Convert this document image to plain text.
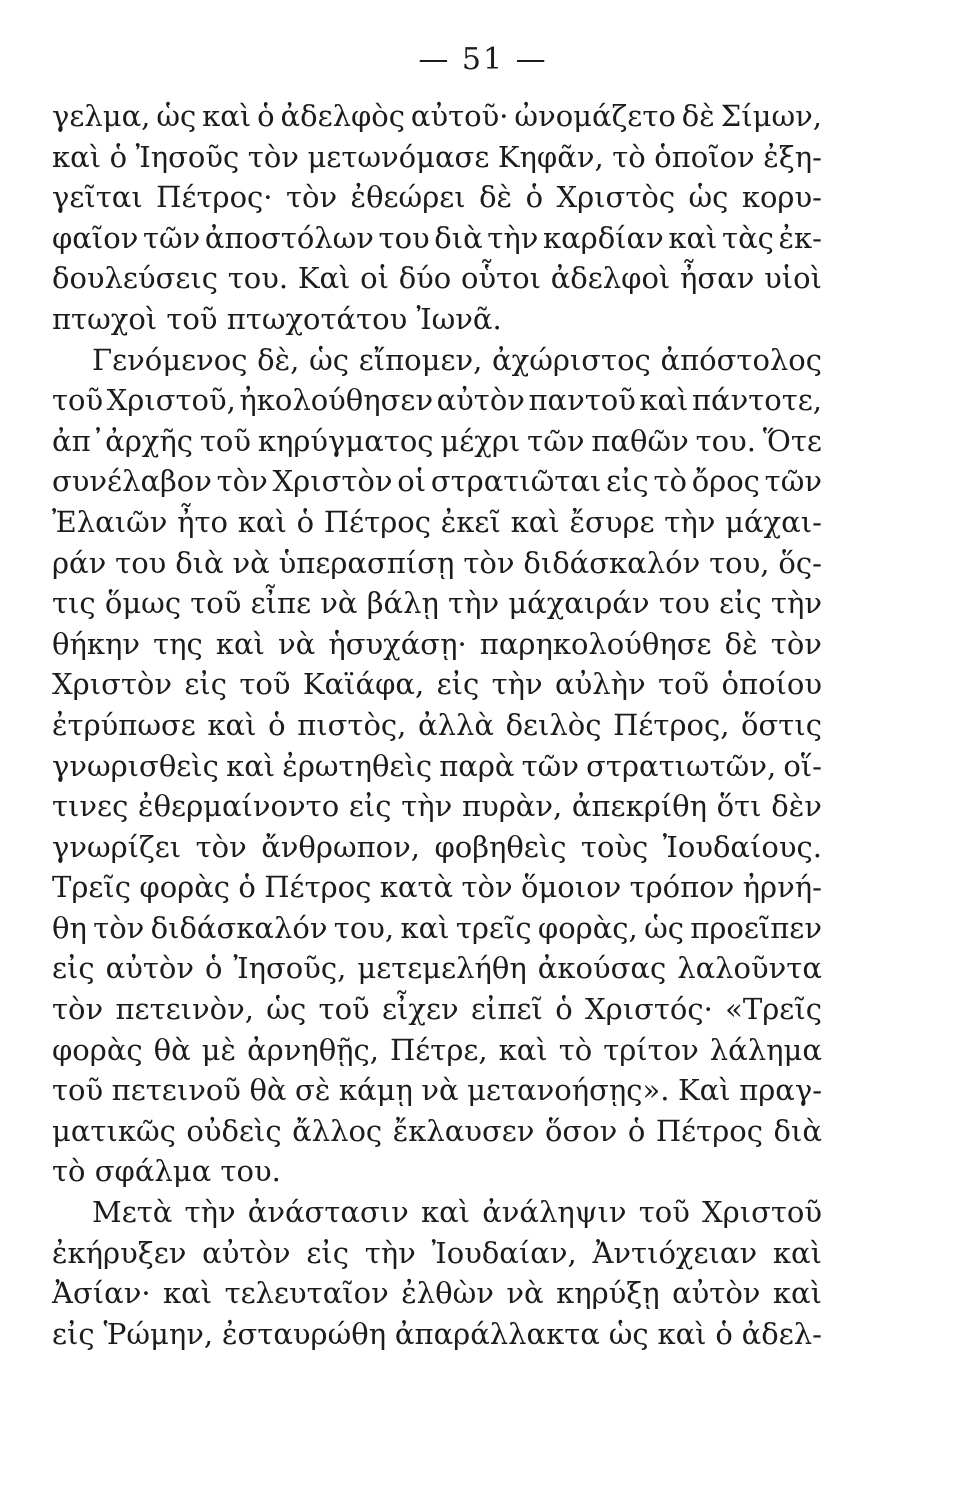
— 51 —
γελμα, ὡς καὶ ὁ ἀδελφὸς αὐτοῦ· ὠνομάζετο δὲ Σίμων,
καὶ ὁ Ἰησοῦς τὸν μετωνόμασε Κηφᾶν, τὸ ὁποῖον ἐξη-
γεῖται Πέτρος· τὸν ἐθεώρει δὲ ὁ Χριστὸς ὡς κορυ-
φαῖον τῶν ἀποστόλων του διὰ τὴν καρδίαν καὶ τὰς ἐκ-
δουλεύσεις του. Καὶ οἱ δύο οὗτοι ἀδελφοὶ ἦσαν υἱοὶ
πτωχοὶ τοῦ πτωχοτάτου Ἰωνᾶ.
Γενόμενος δὲ, ὡς εἴπομεν, ἀχώριστος ἀπόστολος
τοῦ Χριστοῦ, ἠκολούθησεν αὐτὸν παντοῦ καὶ πάντοτε,
ἀπ᾽ἀρχῆς τοῦ κηρύγματος μέχρι τῶν παθῶν του. Ὅτε
συνέλαβον τὸν Χριστὸν οἱ στρατιῶται εἰς τὸ ὄρος τῶν
Ἐλαιῶν ἦτο καὶ ὁ Πέτρος ἐκεῖ καὶ ἔσυρε τὴν μάχαι-
ράν του διὰ νὰ ὑπερασπίσῃ τὸν διδάσκαλόν του, ὅς-
τις ὅμως τοῦ εἶπε νὰ βάλῃ τὴν μάχαιράν του εἰς τὴν
θήκην της καὶ νὰ ἡσυχάσῃ· παρηκολούθησε δὲ τὸν
Χριστὸν εἰς τοῦ Καϊάφα, εἰς τὴν αὐλὴν τοῦ ὁποίου
ἐτρύπωσε καὶ ὁ πιστὸς, ἀλλὰ δειλὸς Πέτρος, ὅστις
γνωρισθεὶς καὶ ἐρωτηθεὶς παρὰ τῶν στρατιωτῶν, οἵ-
τινες ἐθερμαίνοντο εἰς τὴν πυρὰν, ἀπεκρίθη ὅτι δὲν
γνωρίζει τὸν ἄνθρωπον, φοβηθεὶς τοὺς Ἰουδαίους.
Τρεῖς φορὰς ὁ Πέτρος κατὰ τὸν ὅμοιον τρόπον ἠρνή-
θη τὸν διδάσκαλόν του, καὶ τρεῖς φορὰς, ὡς προεῖπεν
εἰς αὐτὸν ὁ Ἰησοῦς, μετεμελήθη ἀκούσας λαλοῦντα
τὸν πετεινὸν, ὡς τοῦ εἶχεν εἰπεῖ ὁ Χριστός· «Τρεῖς
φορὰς θὰ μὲ ἀρνηθῇς, Πέτρε, καὶ τὸ τρίτον λάλημα
τοῦ πετεινοῦ θὰ σὲ κάμῃ νὰ μετανοήσῃς». Καὶ πραγ-
ματικῶς οὐδεὶς ἄλλος ἔκλαυσεν ὅσον ὁ Πέτρος διὰ
τὸ σφάλμα του.
Μετὰ τὴν ἀνάστασιν καὶ ἀνάληψιν τοῦ Χριστοῦ
ἐκήρυξεν αὐτὸν εἰς τὴν Ἰουδαίαν, Ἀντιόχειαν καὶ
Ἀσίαν· καὶ τελευταῖον ἐλθὼν νὰ κηρύξῃ αὐτὸν καὶ
εἰς Ῥώμην, ἐσταυρώθη ἀπαράλλακτα ὡς καὶ ὁ ἀδελ-
